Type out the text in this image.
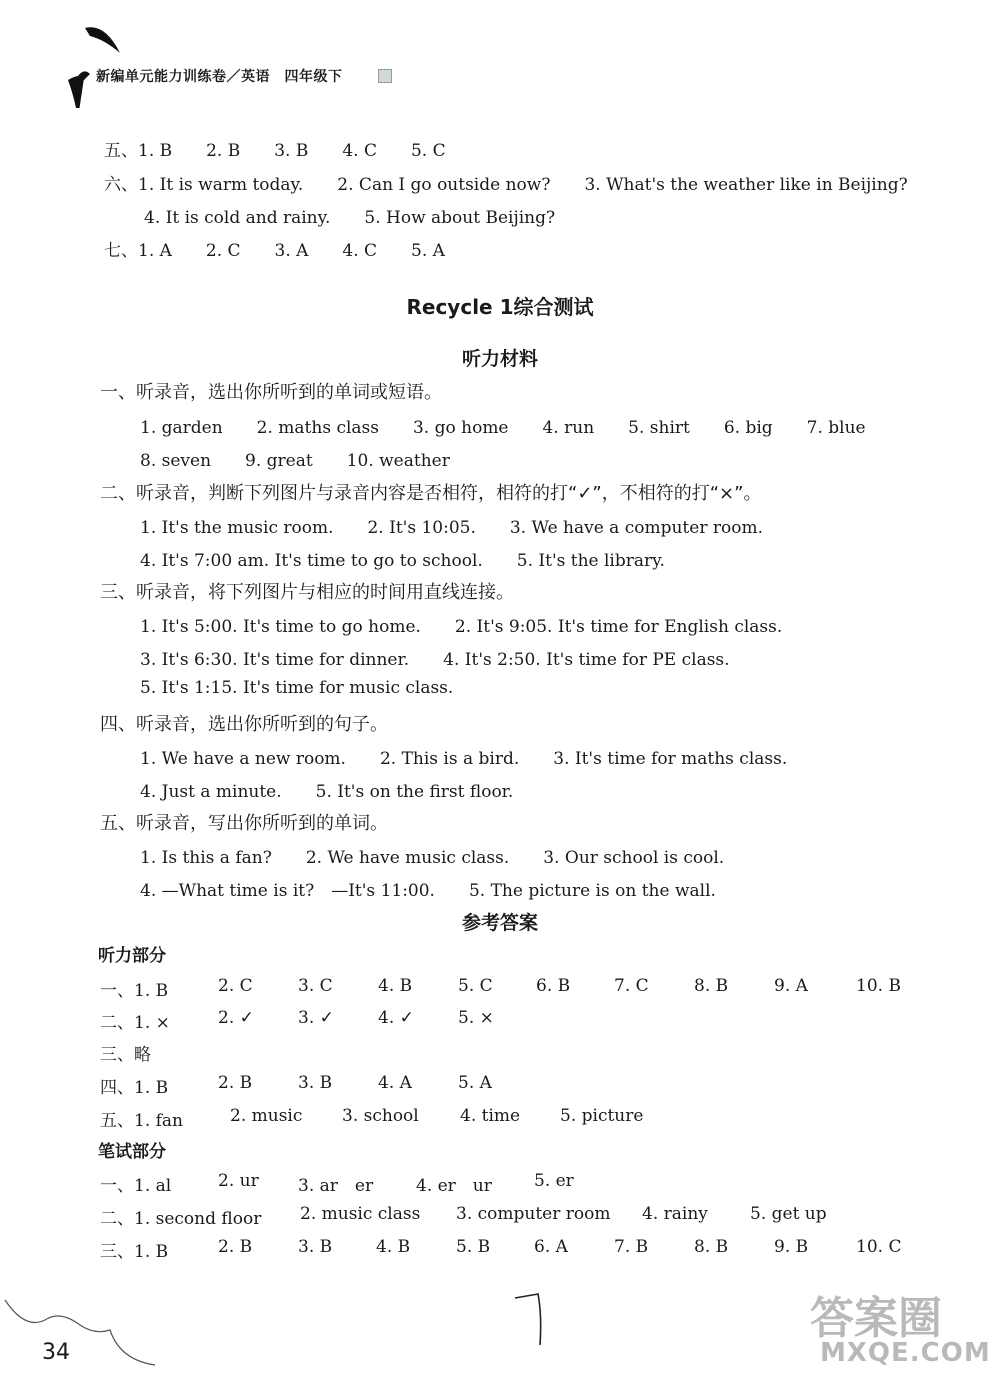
新编单元能力训练卷／英语　四年级下
五、1. B　　2. B　　3. B　　4. C　　5. C
六、1. It is warm today.　　2. Can I go outside now?　　3. What's the weather like in Beijing?
4. It is cold and rainy.　　5. How about Beijing?
七、1. A　　2. C　　3. A　　4. C　　5. A
Recycle 1综合测试
听力材料
一、听录音，选出你所听到的单词或短语。
1. garden　　2. maths class　　3. go home　　4. run　　5. shirt　　6. big　　7. blue
8. seven　　9. great　　10. weather
二、听录音，判断下列图片与录音内容是否相符，相符的打“✓”，不相符的打“×”。
1. It's the music room.　　2. It's 10:05.　　3. We have a computer room.
4. It's 7:00 am. It's time to go to school.　　5. It's the library.
三、听录音，将下列图片与相应的时间用直线连接。
1. It's 5:00. It's time to go home.　　2. It's 9:05. It's time for English class.
3. It's 6:30. It's time for dinner.　　4. It's 2:50. It's time for PE class.
5. It's 1:15. It's time for music class.
四、听录音，选出你所听到的句子。
1. We have a new room.　　2. This is a bird.　　3. It's time for maths class.
4. Just a minute.　　5. It's on the first floor.
五、听录音，写出你所听到的单词。
1. Is this a fan?　　2. We have music class.　　3. Our school is cool.
4. —What time is it?　—It's 11:00.　　5. The picture is on the wall.
参考答案
听力部分
一、1. B	2. C	3. C	4. B	5. C	6. B	7. C	8. B	9. A	10. B
二、1. ×	2. ✓	3. ✓	4. ✓	5. ×
三、略
四、1. B	2. B	3. B	4. A	5. A
五、1. fan	2. music 3. school 4. time 5. picture
笔试部分
一、1. al	2. ur 3. ar　er	4. er　ur 5. er
二、1. second floor 2. music class 3. computer room 4. rainy 5. get up
三、1. B	2. B	3. B	4. B	5. B	6. A	7. B	8. B	9. B	10. C
34
答案圈
MXQE.COM
